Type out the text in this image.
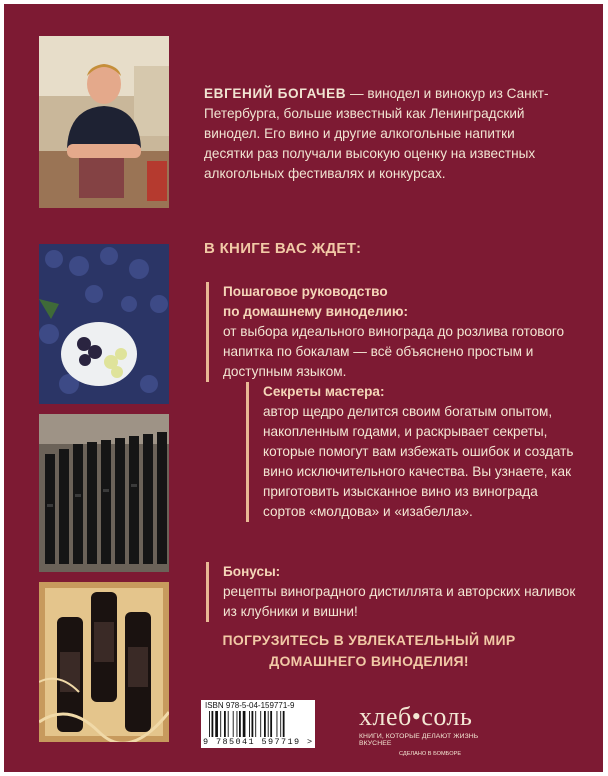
ЕВГЕНИЙ БОГАЧЕВ — винодел и винокур из Санкт-Петербурга, больше известный как Ленинградский винодел. Его вино и другие алкогольные напитки десятки раз получали высокую оценку на известных алкогольных фестивалях и конкурсах.
В КНИГЕ ВАС ЖДЕТ:
Пошаговое руководство
по домашнему виноделию:
от выбора идеального винограда до розлива готового напитка по бокалам — всё объяснено простым и доступным языком.
Секреты мастера:
автор щедро делится своим богатым опытом, накопленным годами, и раскрывает секреты, которые помогут вам избежать ошибок и создать вино исключительного качества. Вы узнаете, как приготовить изысканное вино из винограда сортов «молдова» и «изабелла».
Бонусы:
рецепты виноградного дистиллята и авторских наливок из клубники и вишни!
ПОГРУЗИТЕСЬ В УВЛЕКАТЕЛЬНЫЙ МИР
ДОМАШНЕГО ВИНОДЕЛИЯ!
ISBN 978-5-04-159771-9
9 785041 597719 >
хлеб•соль
КНИГИ, КОТОРЫЕ ДЕЛАЮТ ЖИЗНЬ ВКУСНЕЕ
СДЕЛАНО В БОМБОРЕ
